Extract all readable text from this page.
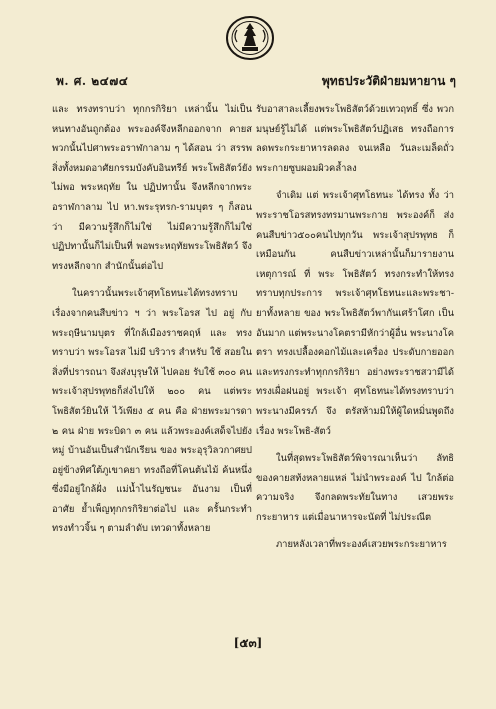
พ. ศ. ๒๔๗๔	พุทธประวัติฝ่ายมหายาน ๆ

และ ทรงทราบว่า ทุกกรกิริยา เหล่านั้น ไม่เป็น หนทางอันถูกต้อง พระองค์จึงหลีกออกจาก คายสพวกนั้นไปศาพระอราฬกาลาม ๆ ได้สอน ว่า สรรพสิ่งทั้งหมดอาศัยกรรมบังคับอินทรีย์ พระโพธิสัตว์ยังไม่พอ พระหฤทัย ใน ปฏิปทานั้น จึงหลีกจากพระอราฬกาลาม ไป หา.พระรุทรก-รามบุตร ๆ ก็สอนว่า มีความรู้สึกก็ไม่ใช่ ไม่มีความรู้สึกก็ไม่ใช่ ปฏิปทานั้นก็ไม่เป็นที่ พอพระหฤทัยพระโพธิสัตว์ จึงทรงหลีกจาก สำนักนั้นต่อไป

ในคราวนั้นพระเจ้าศุทโธทนะได้ทรงทราบ เรื่องจากคนสืบข่าว ฯ ว่า พระโอรส ไป อยู่ กับ พระฤษีนามบุตร ที่ใกล้เมืองราชคฤห์ และ ทรงทราบว่า พระโอรส ไม่มี บริวาร สำหรับ ใช้ สอยในสิ่งที่ปรารถนา จึงส่งบุรุษให้ ไปคอย รับใช้ ๓๐๐ คน พระเจ้าสุปรพุทธก็ส่งไปให้ ๒๐๐ คน แต่พระโพธิสัตว์ยินให้ ไว้เพียง ๕ คน คือ ฝ่ายพระมารดา ๒ คน ฝ่าย พระบิดา ๓ คน แล้วพระองค์เสด็จไปยังหมู่ บ้านอันเป็นสำนักเรียน ของ พระอุรุวิลวกาศยป อยู่ข้างทิศใต้ภูเขาคยา ทรงถือที่โคนต้นไม้ ค้นหนึ่งซึ่งมีอยู่ใกล้ฝั่ง แม่น้ำไนรัญชนะ อันงาม เป็นที่อาศัย ย้ำเพ็ญทุกกรกิริยาต่อไป และ ครั้นกระทำทรงทำวจิ้น ๆ ตามลำดับ เทวดาทั้งหลาย

รับอาสาละเลี้ยงพระโพธิสัตว์ด้วยเทวฤทธิ์ ซึ่ง พวกมนุษย์รู้ไม่ได้ แต่พระโพธิสัตว์ปฏิเสธ ทรงถือการลดพระกระยาหารลดลง จนเหลือ วันละเมล็ดถั่ว พระกายซูบผอมผิวคล้ำลง

จำเดิม แต่ พระเจ้าศุทโธทนะ ได้ทรง ทั้ง ว่า พระราชโอรสทรงทรมานพระกาย พระองค์ก็ ส่งคนสืบข่าว๕๐๐คนไปทุกวัน พระเจ้าสุปรพุทธ ก็เหมือนกัน คนสืบข่าวเหล่านั้นก็มารายงาน เหตุการณ์ ที่ พระ โพธิสัตว์ ทรงกระทำให้ทรง ทราบทุกประการ พระเจ้าศุทโธทนะและพระชา-ยาทั้งหลาย ของ พระโพธิสัตว์พากันเศร้าโศก เป็นอันมาก แต่พระนางโคตรามีหักว่าผู้อื่น พระนางโคตรา ทรงเปลื้องคอกไม้และเครื่อง ประดับกายออก และทรงกระทำทุกกรกิริยา อย่างพระราชสวามีได้ทรงเผื่อฝนอยู่ พระเจ้า ศุทโธทนะได้ทรงทราบว่า พระนางมีครรภ์ จึง ตรัสห้ามมิให้ผู้ใดหมิ่นพูดถึง เรื่อง พระโพธิ-สัตว์

ในที่สุดพระโพธิสัตว์พิจารณาเห็นว่า ลัทธิ ของคายสท้งหลายแหล่ ไม่นำพระองค์ ไป ใกล้ต่อความจริง จึงกลดพระทัยในทาง เสวยพระกระยาหาร แต่เมื่อนาหารจะนัดที่ ไม่ประณีต

ภายหลังเวลาที่พระองค์เสวยพระกระยาหาร

[๕๓]
